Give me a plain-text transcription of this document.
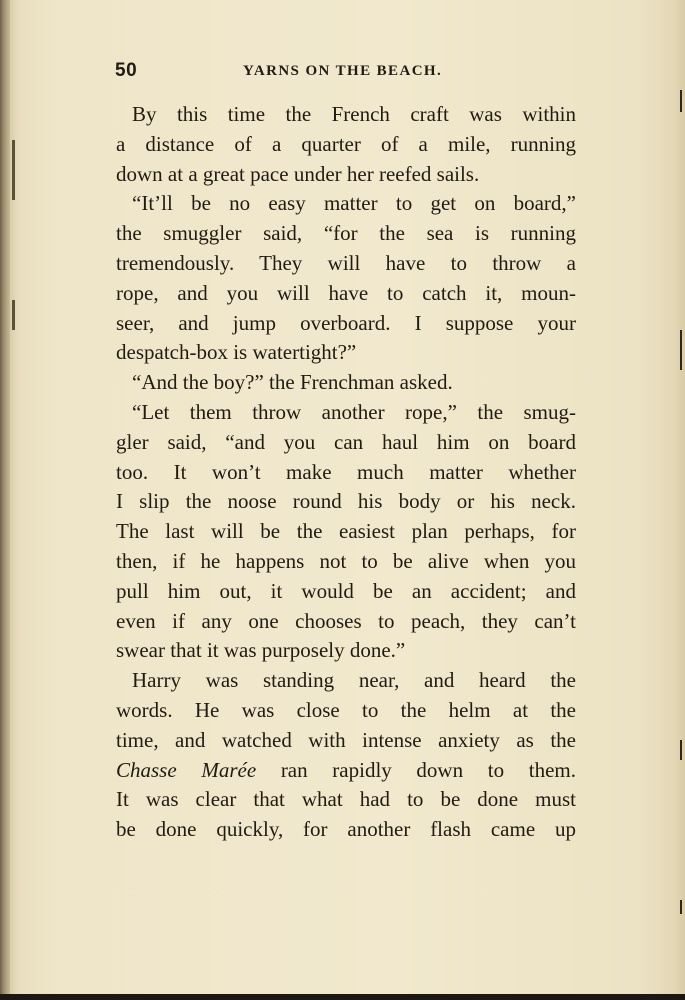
50	YARNS ON THE BEACH.
By this time the French craft was within
a distance of a quarter of a mile, running
down at a great pace under her reefed sails.
“It’ll be no easy matter to get on board,”
the smuggler said, “for the sea is running
tremendously. They will have to throw a
rope, and you will have to catch it, moun-
seer, and jump overboard. I suppose your
despatch-box is watertight?”
“And the boy?” the Frenchman asked.
“Let them throw another rope,” the smug-
gler said, “and you can haul him on board
too. It won’t make much matter whether
I slip the noose round his body or his neck.
The last will be the easiest plan perhaps, for
then, if he happens not to be alive when you
pull him out, it would be an accident; and
even if any one chooses to peach, they can’t
swear that it was purposely done.”
Harry was standing near, and heard the
words. He was close to the helm at the
time, and watched with intense anxiety as the
Chasse Marée ran rapidly down to them.
It was clear that what had to be done must
be done quickly, for another flash came up
